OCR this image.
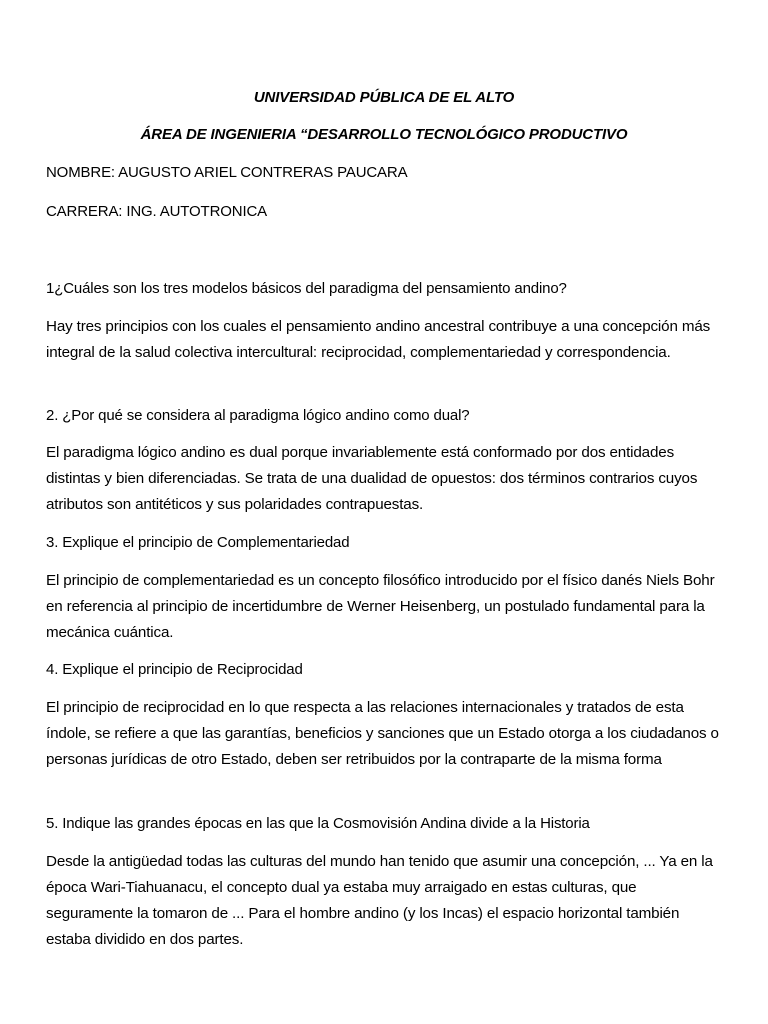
UNIVERSIDAD PÚBLICA DE EL ALTO
ÁREA DE INGENIERIA “DESARROLLO TECNOLÓGICO PRODUCTIVO
NOMBRE: AUGUSTO ARIEL CONTRERAS PAUCARA
CARRERA: ING. AUTOTRONICA
1¿Cuáles son los tres modelos básicos del paradigma del pensamiento andino?
Hay tres principios con los cuales el pensamiento andino ancestral contribuye a una concepción más integral de la salud colectiva intercultural: reciprocidad, complementariedad y correspondencia.
2. ¿Por qué se considera al paradigma lógico andino como dual?
El paradigma lógico andino es dual porque invariablemente está conformado por dos entidades distintas y bien diferenciadas. Se trata de una dualidad de opuestos: dos términos contrarios cuyos atributos son antitéticos y sus polaridades contrapuestas.
3. Explique el principio de Complementariedad
El principio de complementariedad es un concepto filosófico introducido por el físico danés Niels Bohr en referencia al principio de incertidumbre de Werner Heisenberg, un postulado fundamental para la mecánica cuántica.
4. Explique el principio de Reciprocidad
El principio de reciprocidad en lo que respecta a las relaciones internacionales y tratados de esta índole, se refiere a que las garantías, beneficios y sanciones que un Estado otorga a los ciudadanos o personas jurídicas de otro Estado, deben ser retribuidos por la contraparte de la misma forma
5. Indique las grandes épocas en las que la Cosmovisión Andina divide a la Historia
Desde la antigüedad todas las culturas del mundo han tenido que asumir una concepción, ... Ya en la época Wari-Tiahuanacu, el concepto dual ya estaba muy arraigado en estas culturas, que seguramente la tomaron de ... Para el hombre andino (y los Incas) el espacio horizontal también estaba dividido en dos partes.
